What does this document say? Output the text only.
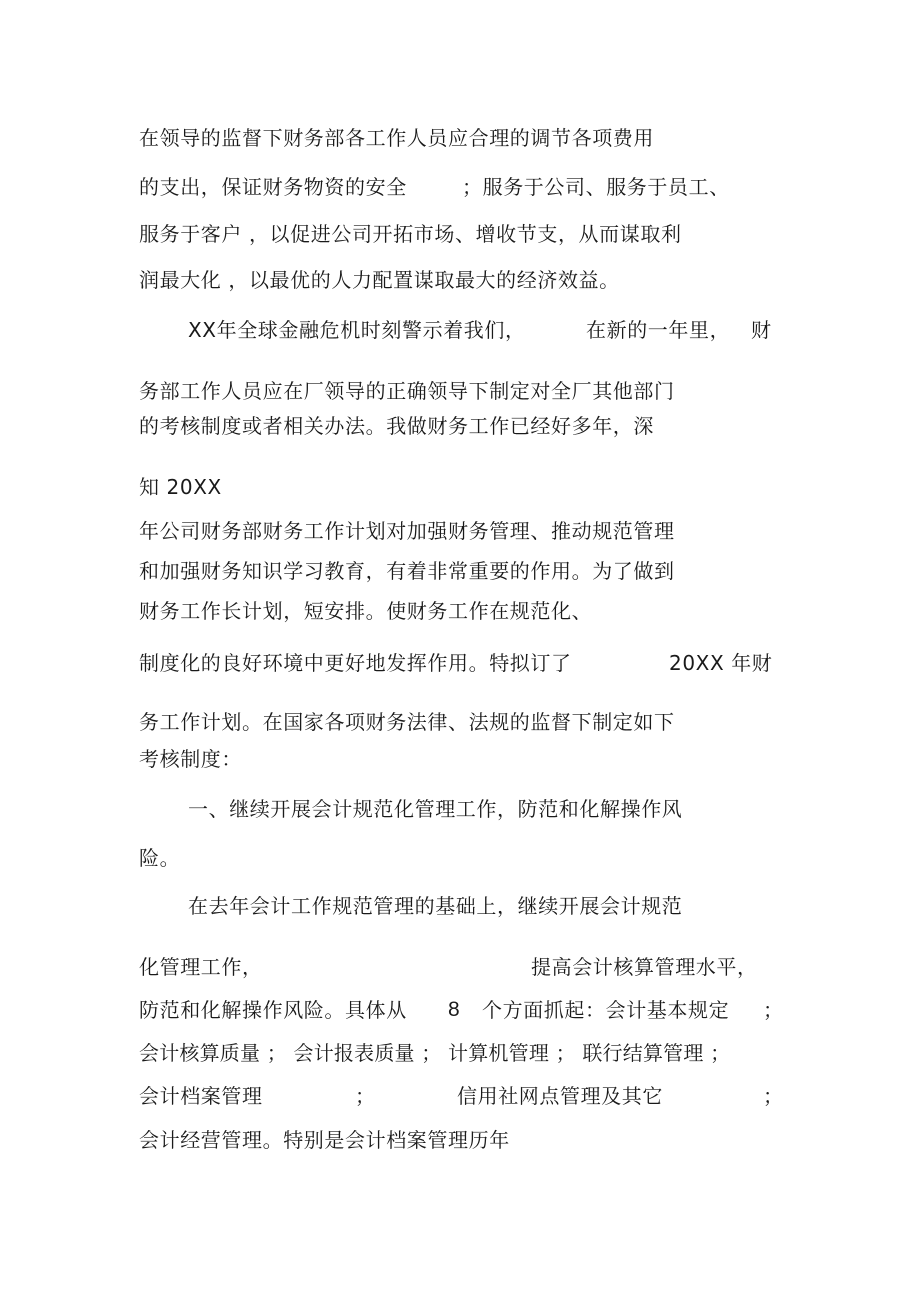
在领导的监督下财务部各工作人员应合理的调节各项费用
的支出，保证财务物资的安全	；服务于公司、服务于员工、
服务于客户 ，以促进公司开拓市场、增收节支，从而谋取利
润最大化 ，以最优的人力配置谋取最大的经济效益。
XX年全球金融危机时刻警示着我们，	在新的一年里， 财
务部工作人员应在厂领导的正确领导下制定对全厂其他部门
的考核制度或者相关办法。我做财务工作已经好多年，深
知 20XX
年公司财务部财务工作计划对加强财务管理、推动规范管理
和加强财务知识学习教育，有着非常重要的作用。为了做到
财务工作长计划，短安排。使财务工作在规范化、
制度化的良好环境中更好地发挥作用。特拟订了	20XX 年财
务工作计划。在国家各项财务法律、法规的监督下制定如下
考核制度：
一、继续开展会计规范化管理工作，防范和化解操作风
险。
在去年会计工作规范管理的基础上，继续开展会计规范
化管理工作，	提高会计核算管理水平，
防范和化解操作风险。具体从 8 个方面抓起：会计基本规定 ；
会计核算质量 ； 会计报表质量 ； 计算机管理 ； 联行结算管理 ；
会计档案管理	；	信用社网点管理及其它	；
会计经营管理。特别是会计档案管理历年
